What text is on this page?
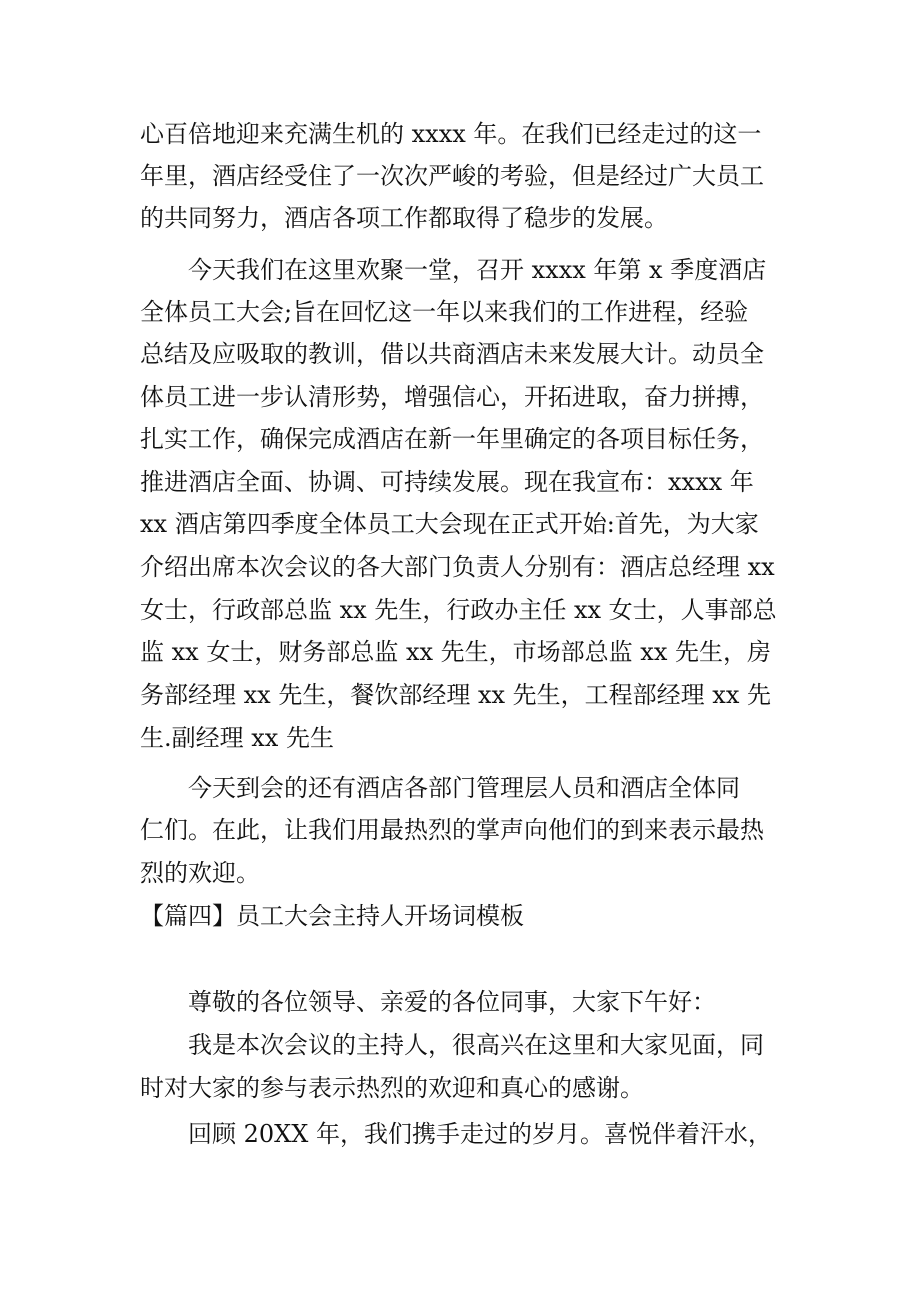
心百倍地迎来充满生机的 xxxx 年。在我们已经走过的这一
年里，酒店经受住了一次次严峻的考验，但是经过广大员工
的共同努力，酒店各项工作都取得了稳步的发展。
今天我们在这里欢聚一堂，召开 xxxx 年第 x 季度酒店
全体员工大会;旨在回忆这一年以来我们的工作进程，经验
总结及应吸取的教训，借以共商酒店未来发展大计。动员全
体员工进一步认清形势，增强信心，开拓进取，奋力拼搏，
扎实工作，确保完成酒店在新一年里确定的各项目标任务，
推进酒店全面、协调、可持续发展。现在我宣布：xxxx 年
xx 酒店第四季度全体员工大会现在正式开始:首先，为大家
介绍出席本次会议的各大部门负责人分别有：酒店总经理 xx
女士，行政部总监 xx 先生，行政办主任 xx 女士，人事部总
监 xx 女士，财务部总监 xx 先生，市场部总监 xx 先生，房
务部经理 xx 先生，餐饮部经理 xx 先生，工程部经理 xx 先
生.副经理 xx 先生
今天到会的还有酒店各部门管理层人员和酒店全体同
仁们。在此，让我们用最热烈的掌声向他们的到来表示最热
烈的欢迎。
【篇四】员工大会主持人开场词模板
尊敬的各位领导、亲爱的各位同事，大家下午好：
我是本次会议的主持人，很高兴在这里和大家见面，同
时对大家的参与表示热烈的欢迎和真心的感谢。
回顾 20XX 年，我们携手走过的岁月。喜悦伴着汗水，
